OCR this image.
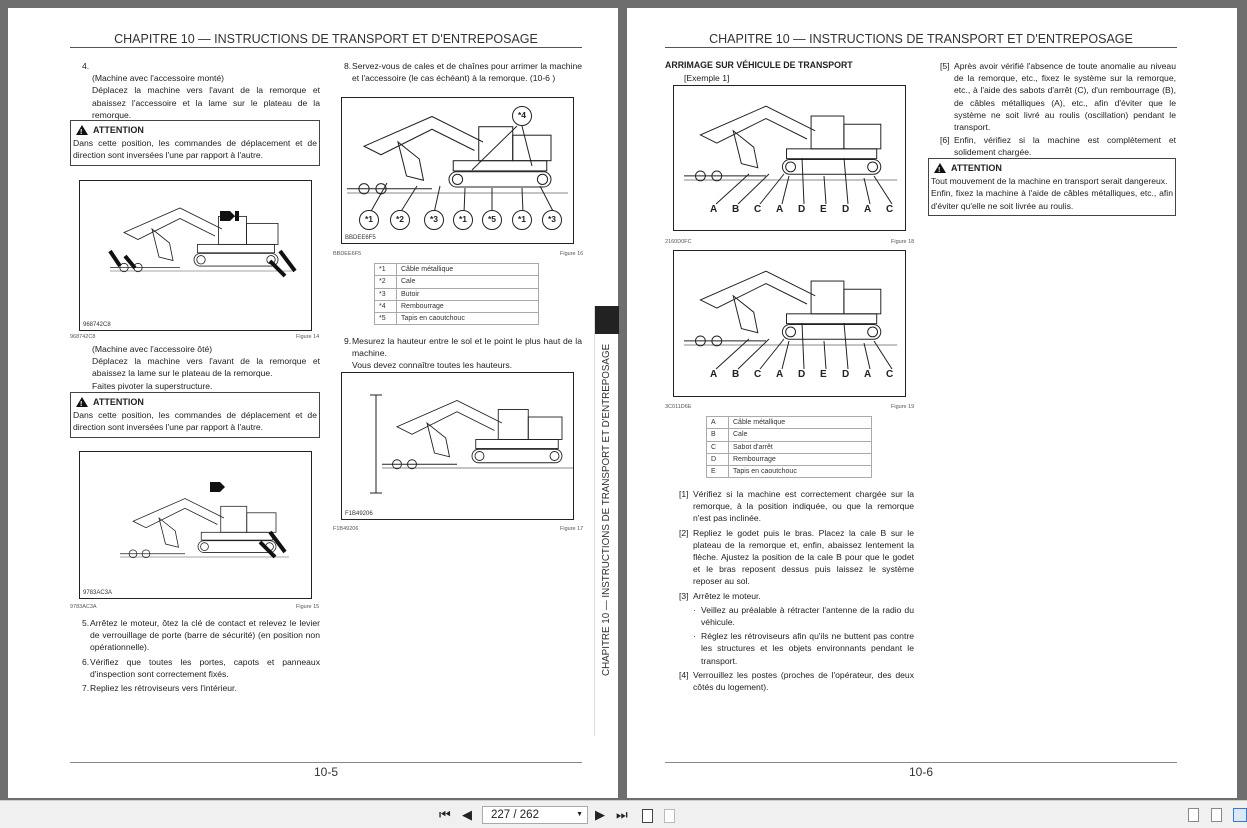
CHAPITRE 10 — INSTRUCTIONS DE TRANSPORT ET D'ENTREPOSAGE
4.
(Machine avec l'accessoire monté)
Déplacez la machine vers l'avant de la remorque et abaissez l'accessoire et la lame sur le plateau de la remorque.
!
ATTENTION
Dans cette position, les commandes de déplacement et de direction sont inversées l'une par rapport à l'autre.
968742C8
968742C8	Figure 14
(Machine avec l'accessoire ôté)
Déplacez la machine vers l'avant de la remorque et abaissez la lame sur le plateau de la remorque.
Faites pivoter la superstructure.
!
ATTENTION
Dans cette position, les commandes de déplacement et de direction sont inversées l'une par rapport à l'autre.
9783AC3A
9783AC3A	Figure 15
5. Arrêtez le moteur, ôtez la clé de contact et relevez le levier de verrouillage de porte (barre de sécurité) (en position non opérationnelle).
6. Vérifiez que toutes les portes, capots et panneaux d'inspection sont correctement fixés.
7. Repliez les rétroviseurs vers l'intérieur.
8. Servez-vous de cales et de chaînes pour arrimer la machine et l'accessoire (le cas échéant) à la remorque. (10-6 )
*1	*2	*3	*1	*5	*1	*3
*4
BBDEE6F5
BBDEE6F5	Figure 16
*1	Câble métallique
*2	Cale
*3	Butoir
*4	Rembourrage
*5	Tapis en caoutchouc
9. Mesurez la hauteur entre le sol et le point le plus haut de la machine.
Vous devez connaître toutes les hauteurs.
F1B49206
F1B49206	Figure 17 CHAPITRE 10 — INSTRUCTIONS DE TRANSPORT ET D'ENTREPOSAGE
10-5
CHAPITRE 10 — INSTRUCTIONS DE TRANSPORT ET D'ENTREPOSAGE
ARRIMAGE SUR VÉHICULE DE TRANSPORT
[Exemple 1]
A B C A D E D A C
2160D0FC	Figure 18
A B C A D E D A C
3C011D6E	Figure 19
A	Câble métallique
B	Cale
C	Sabot d'arrêt
D	Rembourrage
E	Tapis en caoutchouc
[1] Vérifiez si la machine est correctement chargée sur la remorque, à la position indiquée, ou que la remorque n'est pas inclinée.
[2] Repliez le godet puis le bras. Placez la cale B sur le plateau de la remorque et, enfin, abaissez lentement la flèche. Ajustez la position de la cale B pour que le godet et le bras reposent dessus puis laissez le système reposer au sol.
[3] Arrêtez le moteur.
· Veillez au préalable à rétracter l'antenne de la radio du véhicule.
· Réglez les rétroviseurs afin qu'ils ne buttent pas contre les structures et les objets environnants pendant le transport.
[4] Verrouillez les postes (proches de l'opérateur, des deux côtés du logement).
[5] Après avoir vérifié l'absence de toute anomalie au niveau de la remorque, etc., fixez le système sur la remorque, etc., à l'aide des sabots d'arrêt (C), d'un rembourrage (B), de câbles métalliques (A), etc., afin d'éviter que le système ne soit livré au roulis (oscillation) pendant le transport.
[6] Enfin, vérifiez si la machine est complètement et solidement chargée.
!
ATTENTION
Tout mouvement de la machine en transport serait dangereux.
Enfin, fixez la machine à l'aide de câbles métalliques, etc., afin d'éviter qu'elle ne soit livrée au roulis.
10-6
⏮ ◀	227 / 262	▼ ▶ ⏭
